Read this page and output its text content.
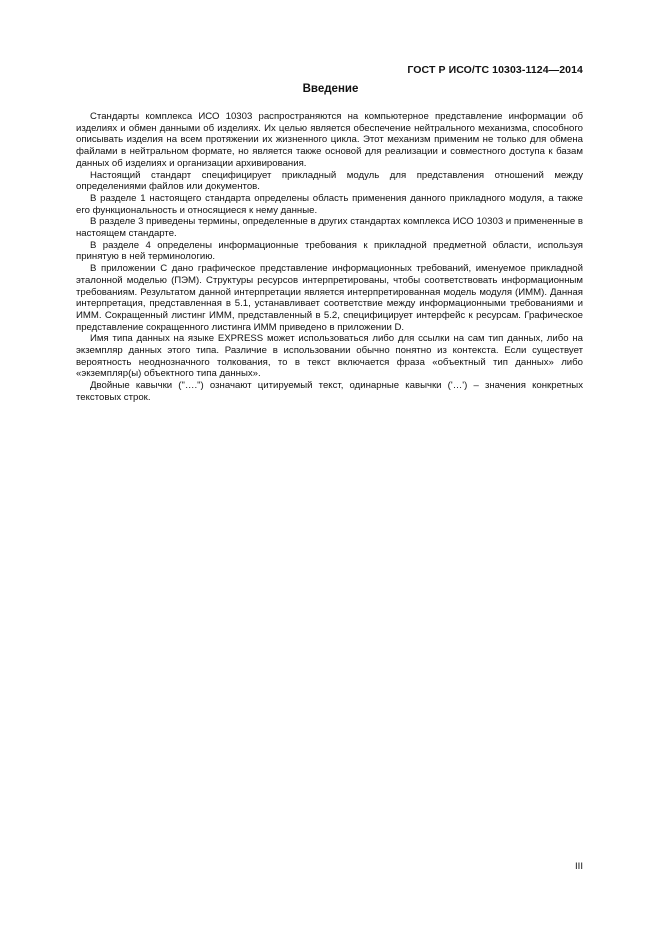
ГОСТ Р ИСО/ТС 10303-1124—2014
Введение

Стандарты комплекса ИСО 10303 распространяются на компьютерное представление информации об изделиях и обмен данными об изделиях. Их целью является обеспечение нейтрального механизма, способного описывать изделия на всем протяжении их жизненного цикла. Этот механизм применим не только для обмена файлами в нейтральном формате, но является также основой для реализации и совместного доступа к базам данных об изделиях и организации архивирования.

Настоящий стандарт специфицирует прикладный модуль для представления отношений между определениями файлов или документов.

В разделе 1 настоящего стандарта определены область применения данного прикладного модуля, а также его функциональность и относящиеся к нему данные.

В разделе 3 приведены термины, определенные в других стандартах комплекса ИСО 10303 и примененные в настоящем стандарте.

В разделе 4 определены информационные требования к прикладной предметной области, используя принятую в ней терминологию.

В приложении С дано графическое представление информационных требований, именуемое прикладной эталонной моделью (ПЭМ). Структуры ресурсов интерпретированы, чтобы соответствовать информационным требованиям. Результатом данной интерпретации является интерпретированная модель модуля (ИММ). Данная интерпретация, представленная в 5.1, устанавливает соответствие между информационными требованиями и ИММ. Сокращенный листинг ИММ, представленный в 5.2, специфицирует интерфейс к ресурсам. Графическое представление сокращенного листинга ИММ приведено в приложении D.

Имя типа данных на языке EXPRESS может использоваться либо для ссылки на сам тип данных, либо на экземпляр данных этого типа. Различие в использовании обычно понятно из контекста. Если существует вероятность неоднозначного толкования, то в текст включается фраза «объектный тип данных» либо «экземпляр(ы) объектного типа данных».

Двойные кавычки ("….") означают цитируемый текст, одинарные кавычки ('…') – значения конкретных текстовых строк.

III
